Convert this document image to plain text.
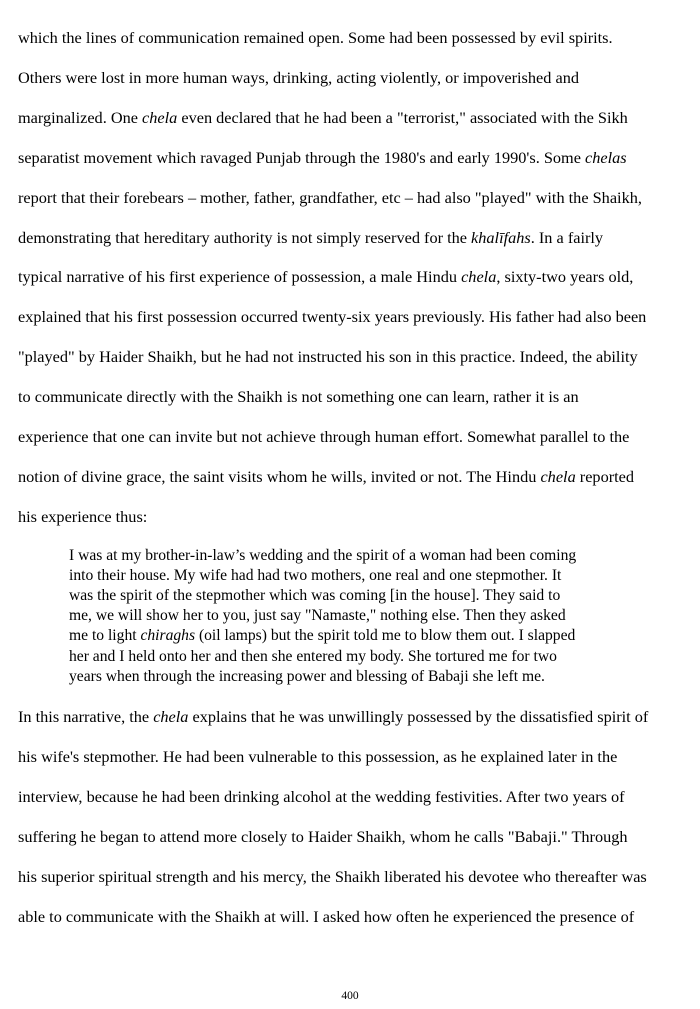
which the lines of communication remained open. Some had been possessed by evil spirits.
Others were lost in more human ways, drinking, acting violently, or impoverished and
marginalized. One chela even declared that he had been a "terrorist," associated with the Sikh
separatist movement which ravaged Punjab through the 1980's and early 1990's. Some chelas
report that their forebears – mother, father, grandfather, etc – had also "played" with the Shaikh,
demonstrating that hereditary authority is not simply reserved for the khalīfahs. In a fairly
typical narrative of his first experience of possession, a male Hindu chela, sixty-two years old,
explained that his first possession occurred twenty-six years previously. His father had also been
"played" by Haider Shaikh, but he had not instructed his son in this practice. Indeed, the ability
to communicate directly with the Shaikh is not something one can learn, rather it is an
experience that one can invite but not achieve through human effort. Somewhat parallel to the
notion of divine grace, the saint visits whom he wills, invited or not. The Hindu chela reported
his experience thus:
I was at my brother-in-law’s wedding and the spirit of a woman had been coming
into their house. My wife had had two mothers, one real and one stepmother. It
was the spirit of the stepmother which was coming [in the house]. They said to
me, we will show her to you, just say "Namaste," nothing else. Then they asked
me to light chiraghs (oil lamps) but the spirit told me to blow them out. I slapped
her and I held onto her and then she entered my body. She tortured me for two
years when through the increasing power and blessing of Babaji she left me.
In this narrative, the chela explains that he was unwillingly possessed by the dissatisfied spirit of
his wife's stepmother. He had been vulnerable to this possession, as he explained later in the
interview, because he had been drinking alcohol at the wedding festivities. After two years of
suffering he began to attend more closely to Haider Shaikh, whom he calls "Babaji." Through
his superior spiritual strength and his mercy, the Shaikh liberated his devotee who thereafter was
able to communicate with the Shaikh at will. I asked how often he experienced the presence of
400
